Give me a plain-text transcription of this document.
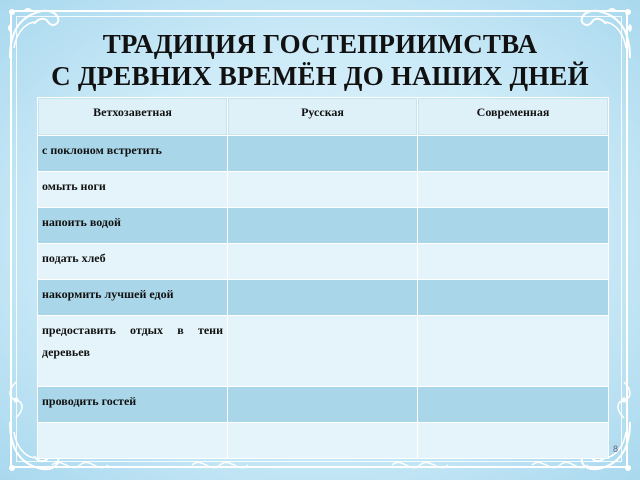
ТРАДИЦИЯ ГОСТЕПРИИМСТВА
С ДРЕВНИХ ВРЕМЁН ДО НАШИХ ДНЕЙ
Ветхозаветная	Русская	Современная
с поклоном встретить		
омыть ноги		
напоить водой		
подать хлеб		
накормить лучшей едой		
предоставить отдых в тени деревьев		
проводить гостей		

8
